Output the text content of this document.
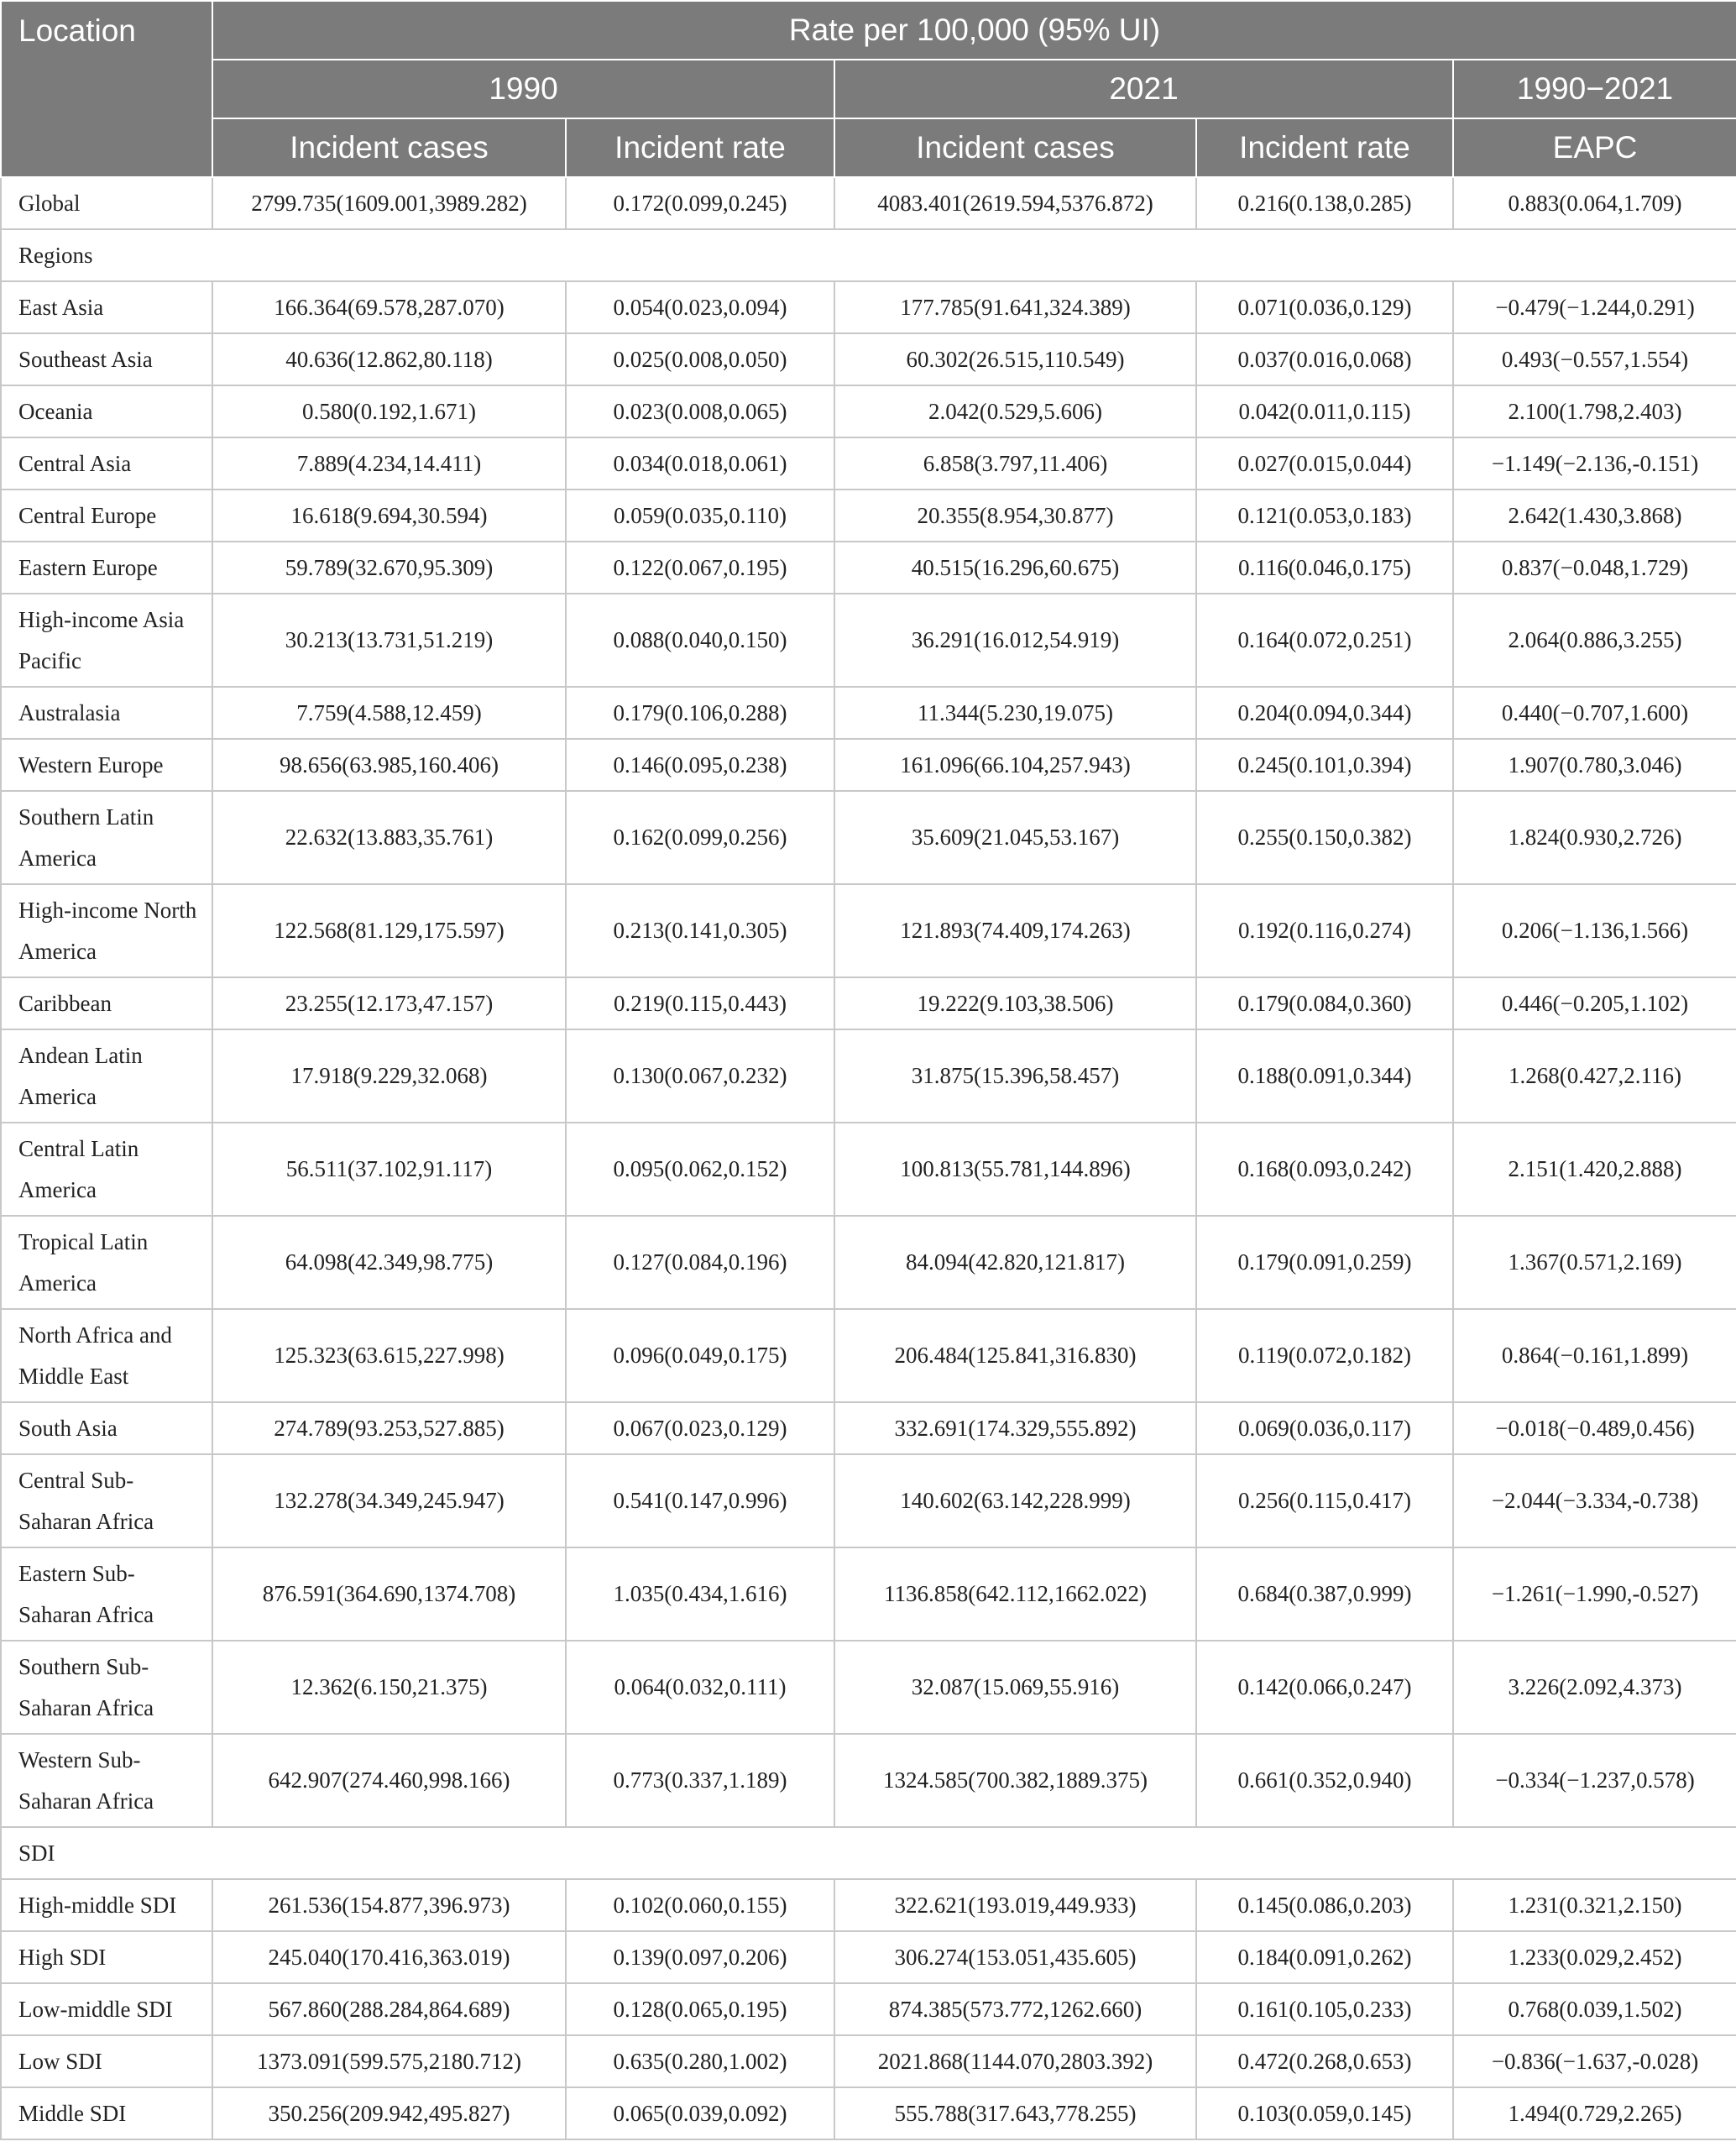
Location	Rate per 100,000 (95% UI)				
	1990		2021		1990−2021
	Incident cases	Incident rate	Incident cases	Incident rate	EAPC
Global	2799.735(1609.001,3989.282)	0.172(0.099,0.245)	4083.401(2619.594,5376.872)	0.216(0.138,0.285)	0.883(0.064,1.709)
Regions					
East Asia	166.364(69.578,287.070)	0.054(0.023,0.094)	177.785(91.641,324.389)	0.071(0.036,0.129)	−0.479(−1.244,0.291)
Southeast Asia	40.636(12.862,80.118)	0.025(0.008,0.050)	60.302(26.515,110.549)	0.037(0.016,0.068)	0.493(−0.557,1.554)
Oceania	0.580(0.192,1.671)	0.023(0.008,0.065)	2.042(0.529,5.606)	0.042(0.011,0.115)	2.100(1.798,2.403)
Central Asia	7.889(4.234,14.411)	0.034(0.018,0.061)	6.858(3.797,11.406)	0.027(0.015,0.044)	−1.149(−2.136,-0.151)
Central Europe	16.618(9.694,30.594)	0.059(0.035,0.110)	20.355(8.954,30.877)	0.121(0.053,0.183)	2.642(1.430,3.868)
Eastern Europe	59.789(32.670,95.309)	0.122(0.067,0.195)	40.515(16.296,60.675)	0.116(0.046,0.175)	0.837(−0.048,1.729)
High-income Asia Pacific	30.213(13.731,51.219)	0.088(0.040,0.150)	36.291(16.012,54.919)	0.164(0.072,0.251)	2.064(0.886,3.255)
Australasia	7.759(4.588,12.459)	0.179(0.106,0.288)	11.344(5.230,19.075)	0.204(0.094,0.344)	0.440(−0.707,1.600)
Western Europe	98.656(63.985,160.406)	0.146(0.095,0.238)	161.096(66.104,257.943)	0.245(0.101,0.394)	1.907(0.780,3.046)
Southern Latin America	22.632(13.883,35.761)	0.162(0.099,0.256)	35.609(21.045,53.167)	0.255(0.150,0.382)	1.824(0.930,2.726)
High-income North America	122.568(81.129,175.597)	0.213(0.141,0.305)	121.893(74.409,174.263)	0.192(0.116,0.274)	0.206(−1.136,1.566)
Caribbean	23.255(12.173,47.157)	0.219(0.115,0.443)	19.222(9.103,38.506)	0.179(0.084,0.360)	0.446(−0.205,1.102)
Andean Latin America	17.918(9.229,32.068)	0.130(0.067,0.232)	31.875(15.396,58.457)	0.188(0.091,0.344)	1.268(0.427,2.116)
Central Latin America	56.511(37.102,91.117)	0.095(0.062,0.152)	100.813(55.781,144.896)	0.168(0.093,0.242)	2.151(1.420,2.888)
Tropical Latin America	64.098(42.349,98.775)	0.127(0.084,0.196)	84.094(42.820,121.817)	0.179(0.091,0.259)	1.367(0.571,2.169)
North Africa and Middle East	125.323(63.615,227.998)	0.096(0.049,0.175)	206.484(125.841,316.830)	0.119(0.072,0.182)	0.864(−0.161,1.899)
South Asia	274.789(93.253,527.885)	0.067(0.023,0.129)	332.691(174.329,555.892)	0.069(0.036,0.117)	−0.018(−0.489,0.456)
Central Sub-Saharan Africa	132.278(34.349,245.947)	0.541(0.147,0.996)	140.602(63.142,228.999)	0.256(0.115,0.417)	−2.044(−3.334,-0.738)
Eastern Sub-Saharan Africa	876.591(364.690,1374.708)	1.035(0.434,1.616)	1136.858(642.112,1662.022)	0.684(0.387,0.999)	−1.261(−1.990,-0.527)
Southern Sub-Saharan Africa	12.362(6.150,21.375)	0.064(0.032,0.111)	32.087(15.069,55.916)	0.142(0.066,0.247)	3.226(2.092,4.373)
Western Sub-Saharan Africa	642.907(274.460,998.166)	0.773(0.337,1.189)	1324.585(700.382,1889.375)	0.661(0.352,0.940)	−0.334(−1.237,0.578)
SDI					
High-middle SDI	261.536(154.877,396.973)	0.102(0.060,0.155)	322.621(193.019,449.933)	0.145(0.086,0.203)	1.231(0.321,2.150)
High SDI	245.040(170.416,363.019)	0.139(0.097,0.206)	306.274(153.051,435.605)	0.184(0.091,0.262)	1.233(0.029,2.452)
Low-middle SDI	567.860(288.284,864.689)	0.128(0.065,0.195)	874.385(573.772,1262.660)	0.161(0.105,0.233)	0.768(0.039,1.502)
Low SDI	1373.091(599.575,2180.712)	0.635(0.280,1.002)	2021.868(1144.070,2803.392)	0.472(0.268,0.653)	−0.836(−1.637,-0.028)
Middle SDI	350.256(209.942,495.827)	0.065(0.039,0.092)	555.788(317.643,778.255)	0.103(0.059,0.145)	1.494(0.729,2.265)
